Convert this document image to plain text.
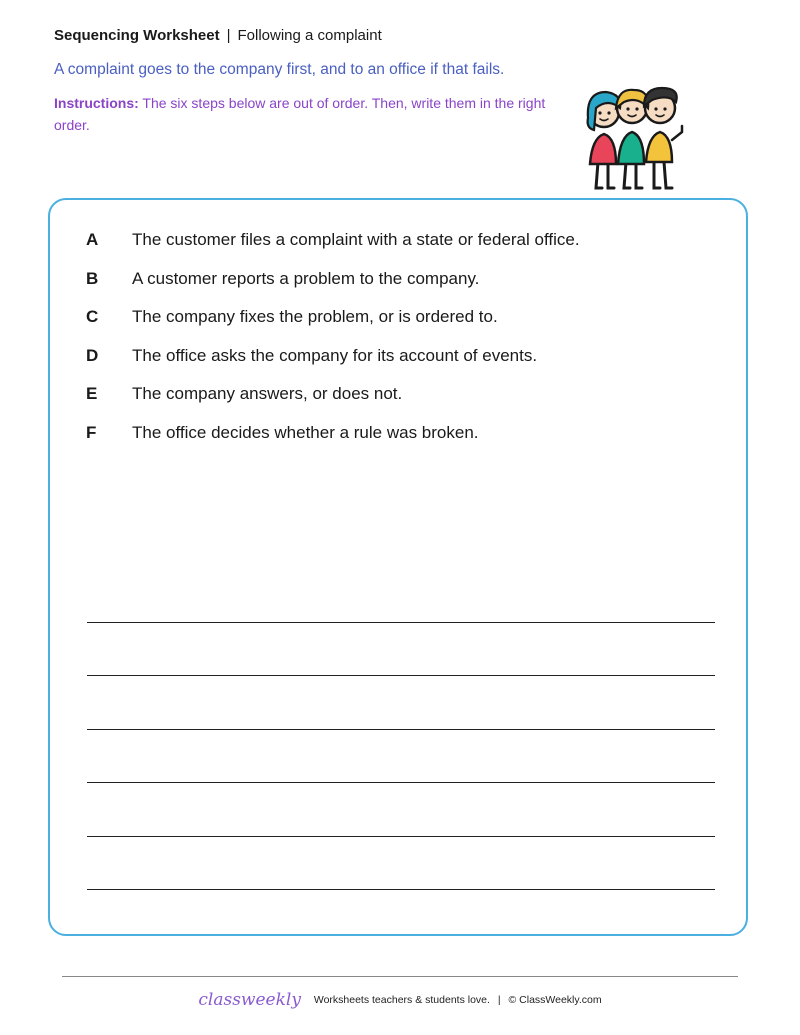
Sequencing Worksheet | Following a complaint
A complaint goes to the company first, and to an office if that fails.
Instructions: The six steps below are out of order. Then, write them in the right order.
A	The customer files a complaint with a state or federal office.
B	A customer reports a problem to the company.
C	The company fixes the problem, or is ordered to.
D	The office asks the company for its account of events.
E	The company answers, or does not.
F	The office decides whether a rule was broken.
classweekly Worksheets teachers & students love. | © ClassWeekly.com
